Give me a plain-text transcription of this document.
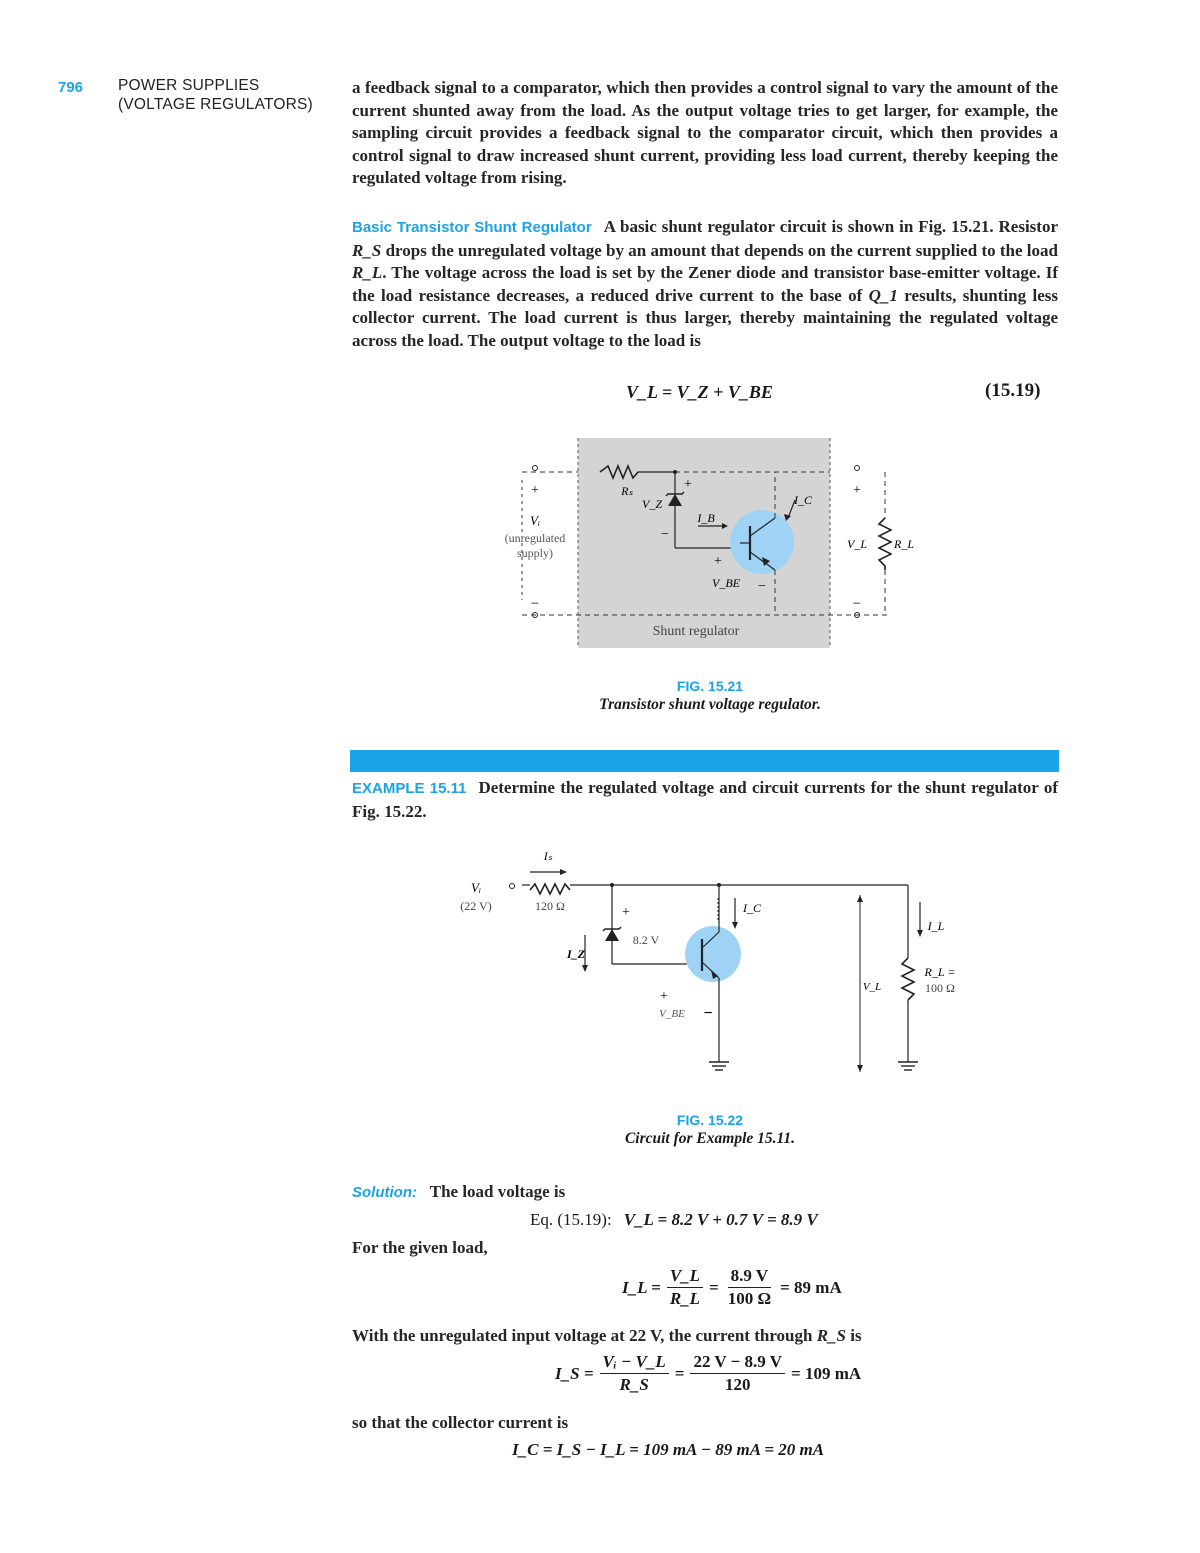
796 POWER SUPPLIES
(VOLTAGE REGULATORS)
a feedback signal to a comparator, which then provides a control signal to vary the amount of the current shunted away from the load. As the output voltage tries to get larger, for example, the sampling circuit provides a feedback signal to the comparator circuit, which then provides a control signal to draw increased shunt current, providing less load current, thereby keeping the regulated voltage from rising.
Basic Transistor Shunt Regulator A basic shunt regulator circuit is shown in Fig. 15.21. Resistor R_S drops the unregulated voltage by an amount that depends on the current supplied to the load R_L. The voltage across the load is set by the Zener diode and transistor base-emitter voltage. If the load resistance decreases, a reduced drive current to the base of Q_1 results, shunting less collector current. The load current is thus larger, thereby maintaining the regulated voltage across the load. The output voltage to the load is
V_L = V_Z + V_BE	(15.19)
+
−
Vᵢ
(unregulated
supply)
Rₛ
V_Z
+
−
I_B
I_C
+
V_BE −
+
−
V_L R_L
Shunt regulator
FIG. 15.21
Transistor shunt voltage regulator.
EXAMPLE 15.11 Determine the regulated voltage and circuit currents for the shunt regulator of Fig. 15.22.
Vᵢ
(22 V)
Iₛ
120 Ω	+
8.2 V
I_Z
I_C
+
V_BE −
V_L
I_L
R_L =
100 Ω
FIG. 15.22
Circuit for Example 15.11.
Solution: The load voltage is
Eq. (15.19): V_L = 8.2 V + 0.7 V = 8.9 V
For the given load,
I_L = $\frac{V\_L}{R\_L} = \frac{8.9 V}{100 \Omega} = 89$ mA
With the unregulated input voltage at 22 V, the current through R_S is
I_S = $\frac{\text{Vᵢ − V\_L}}{R\_S} = \frac{22 V - 8.9 V}{120} = 109$ mA
so that the collector current is
I_C = I_S − I_L = 109 mA − 89 mA = 20 mA
